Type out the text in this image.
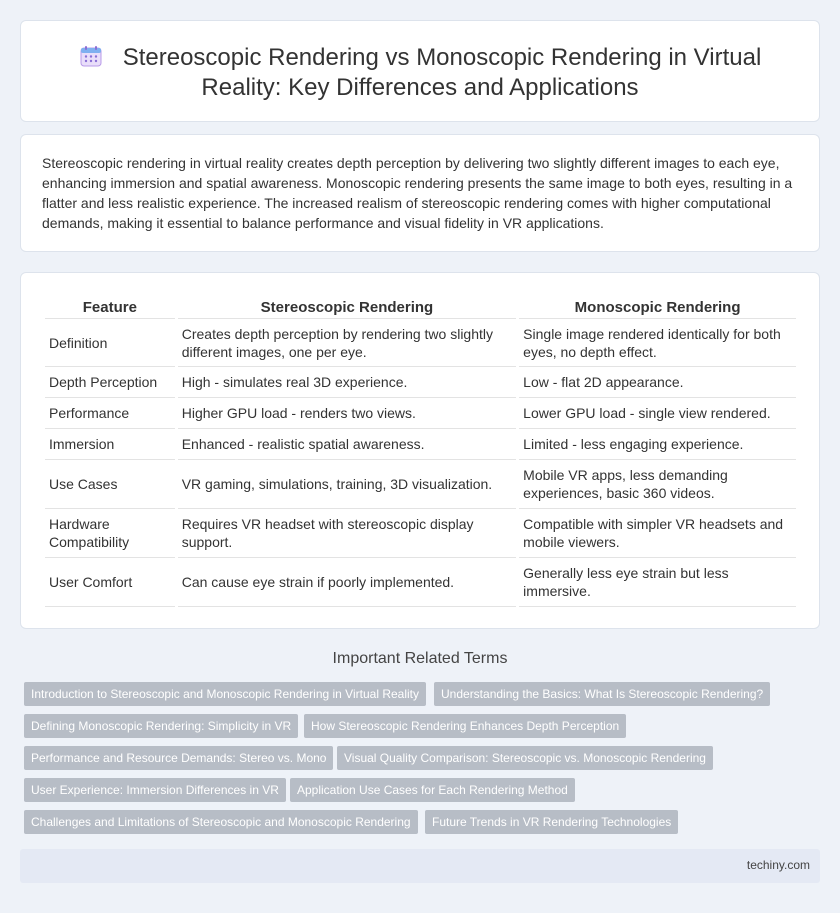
Stereoscopic Rendering vs Monoscopic Rendering in Virtual Reality: Key Differences and Applications

Stereoscopic rendering in virtual reality creates depth perception by delivering two slightly different images to each eye, enhancing immersion and spatial awareness. Monoscopic rendering presents the same image to both eyes, resulting in a flatter and less realistic experience. The increased realism of stereoscopic rendering comes with higher computational demands, making it essential to balance performance and visual fidelity in VR applications.

Feature	Stereoscopic Rendering	Monoscopic Rendering
Definition	Creates depth perception by rendering two slightly different images, one per eye.	Single image rendered identically for both eyes, no depth effect.
Depth Perception	High - simulates real 3D experience.	Low - flat 2D appearance.
Performance	Higher GPU load - renders two views.	Lower GPU load - single view rendered.
Immersion	Enhanced - realistic spatial awareness.	Limited - less engaging experience.
Use Cases	VR gaming, simulations, training, 3D visualization.	Mobile VR apps, less demanding experiences, basic 360 videos.
Hardware Compatibility	Requires VR headset with stereoscopic display support.	Compatible with simpler VR headsets and mobile viewers.
User Comfort	Can cause eye strain if poorly implemented.	Generally less eye strain but less immersive.
Important Related Terms
Introduction to Stereoscopic and Monoscopic Rendering in Virtual Reality	Understanding the Basics: What Is Stereoscopic Rendering?
Defining Monoscopic Rendering: Simplicity in VR	How Stereoscopic Rendering Enhances Depth Perception
Performance and Resource Demands: Stereo vs. Mono	Visual Quality Comparison: Stereoscopic vs. Monoscopic Rendering
User Experience: Immersion Differences in VR	Application Use Cases for Each Rendering Method
Challenges and Limitations of Stereoscopic and Monoscopic Rendering	Future Trends in VR Rendering Technologies
techiny.com
